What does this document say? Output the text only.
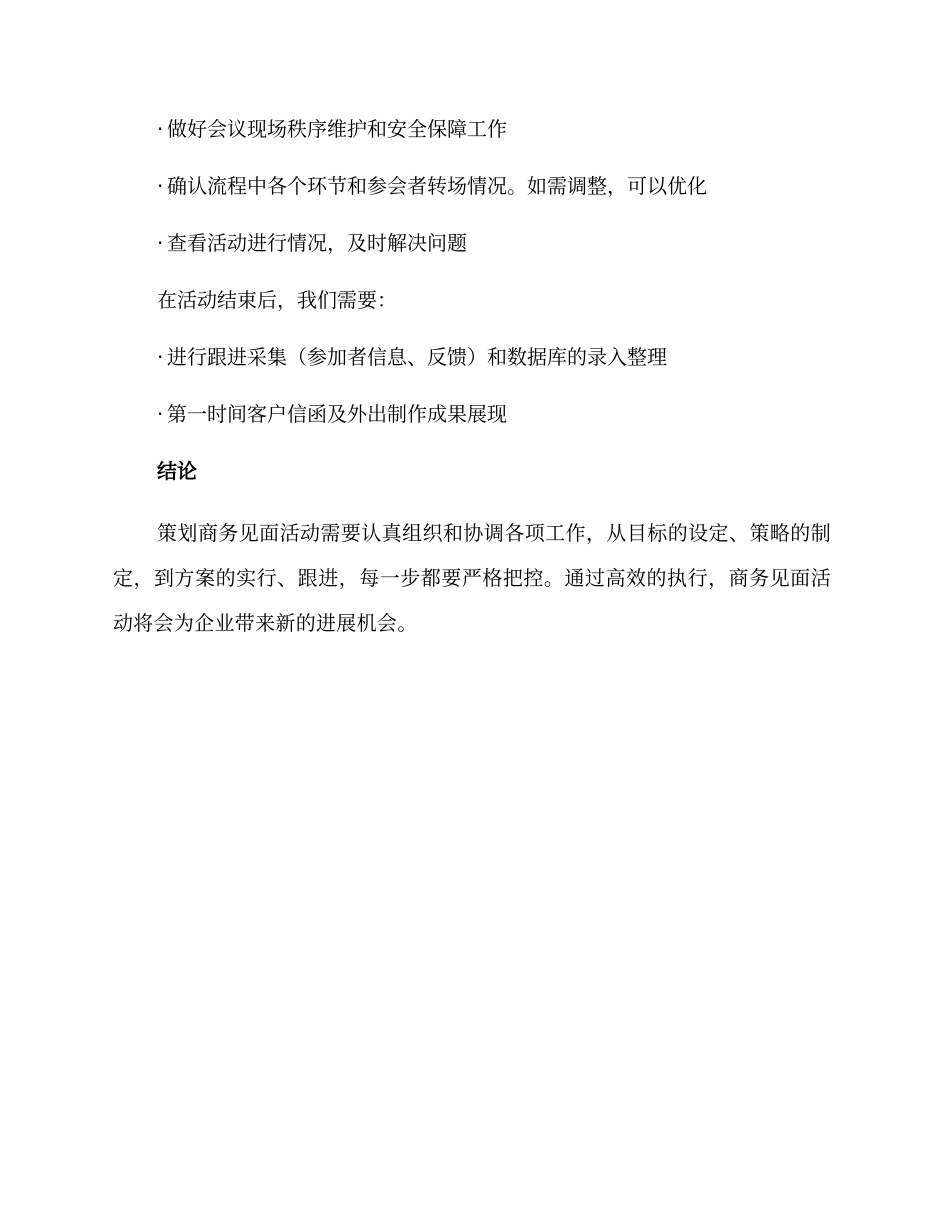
· 做好会议现场秩序维护和安全保障工作

· 确认流程中各个环节和参会者转场情况。如需调整，可以优化

· 查看活动进行情况，及时解决问题

在活动结束后，我们需要：

· 进行跟进采集（参加者信息、反馈）和数据库的录入整理

· 第一时间客户信函及外出制作成果展现

结论

策划商务见面活动需要认真组织和协调各项工作，从目标的设定、策略的制定，到方案的实行、跟进，每一步都要严格把控。通过高效的执行，商务见面活动将会为企业带来新的进展机会。
